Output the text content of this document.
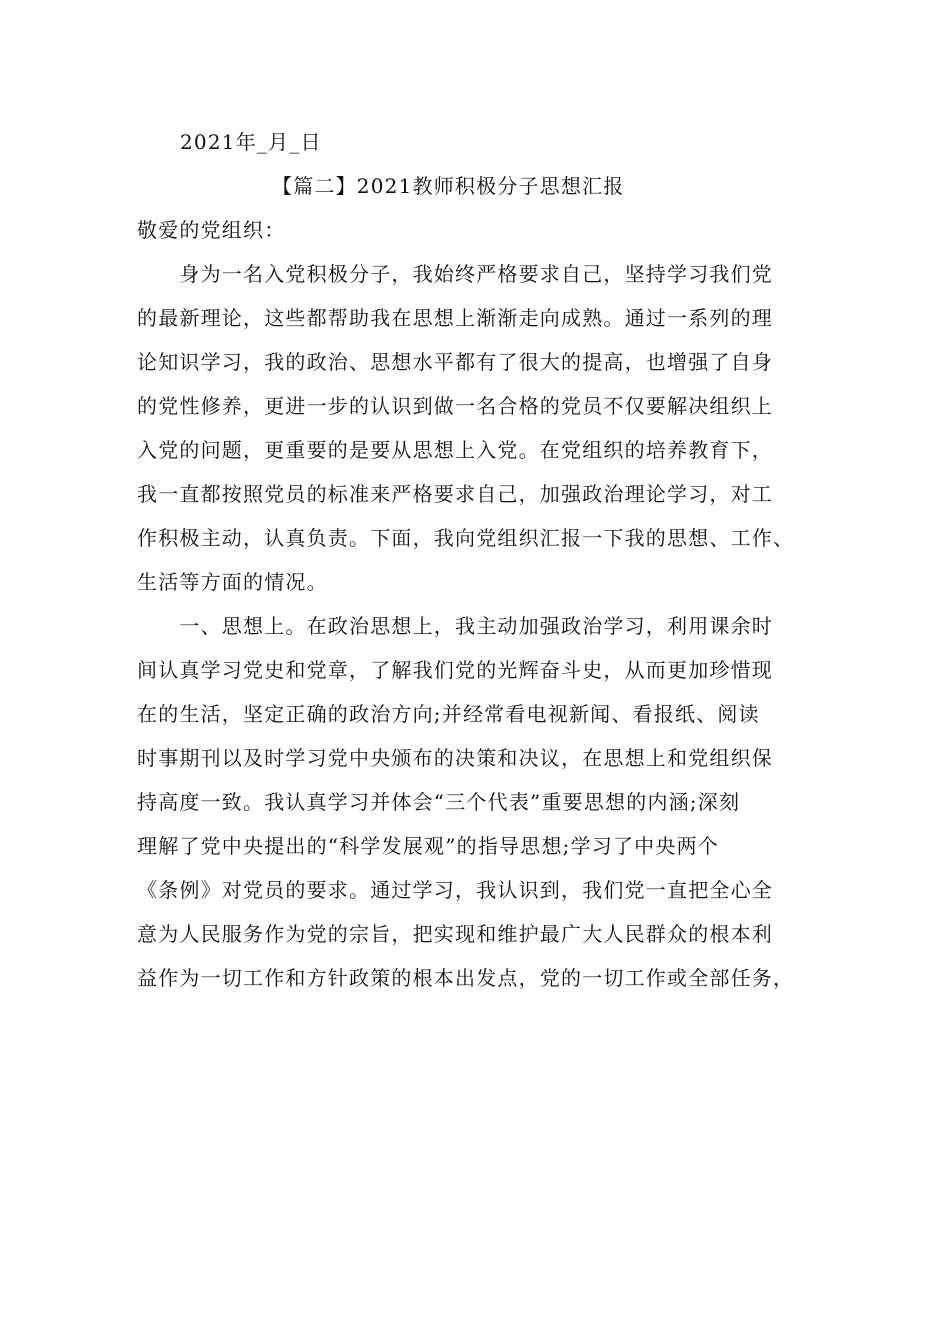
2021年_月_日
【篇二】2021教师积极分子思想汇报
敬爱的党组织：
　　身为一名入党积极分子，我始终严格要求自己，坚持学习我们党
的最新理论，这些都帮助我在思想上渐渐走向成熟。通过一系列的理
论知识学习，我的政治、思想水平都有了很大的提高，也增强了自身
的党性修养，更进一步的认识到做一名合格的党员不仅要解决组织上
入党的问题，更重要的是要从思想上入党。在党组织的培养教育下，
我一直都按照党员的标准来严格要求自己，加强政治理论学习，对工
作积极主动，认真负责。下面，我向党组织汇报一下我的思想、工作、
生活等方面的情况。
　　一、思想上。在政治思想上，我主动加强政治学习，利用课余时
间认真学习党史和党章，了解我们党的光辉奋斗史，从而更加珍惜现
在的生活，坚定正确的政治方向;并经常看电视新闻、看报纸、阅读
时事期刊以及时学习党中央颁布的决策和决议，在思想上和党组织保
持高度一致。我认真学习并体会“三个代表”重要思想的内涵;深刻
理解了党中央提出的“科学发展观”的指导思想;学习了中央两个
《条例》对党员的要求。通过学习，我认识到，我们党一直把全心全
意为人民服务作为党的宗旨，把实现和维护最广大人民群众的根本利
益作为一切工作和方针政策的根本出发点，党的一切工作或全部任务，
